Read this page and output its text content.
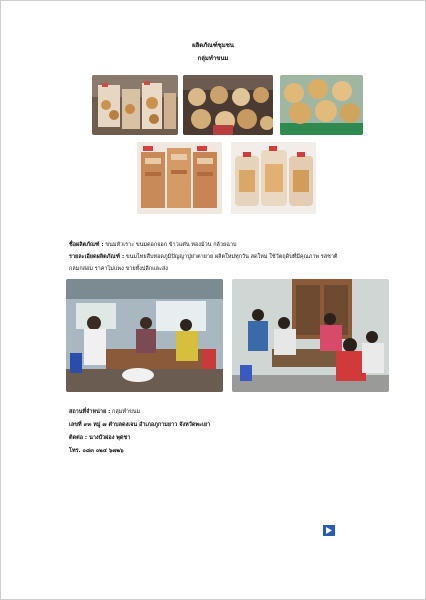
ผลิตภัณฑ์ชุมชน
กลุ่มทำขนม
ชื่อผลิตภัณฑ์ : ขนมหัวเราะ ขนมดอกจอก ข้าวแต๋น ทองม้วน กล้วยฉาบ
รายละเอียดผลิตภัณฑ์ : ขนมไทยสืบทอดภูมิปัญญาปู่ย่าตายาย ผลิตใหม่ทุกวัน สดใหม่ ใช้วัตถุดิบที่มีคุณภาพ รสชาติ
กลมกล่อม ราคาไม่แพง ขายทั้งปลีกและส่ง
สถานที่จำหน่าย : กลุ่มทำขนม
เลขที่ ๙๓ หมู่ ๗ ตำบลดงเจน อำเภอภูกามยาว จังหวัดพะเยา
ติดต่อ : นางบัวผ่อง พุดชา
โทร. ๐๘๓ ๐๒๔ ๖๗๒๖
